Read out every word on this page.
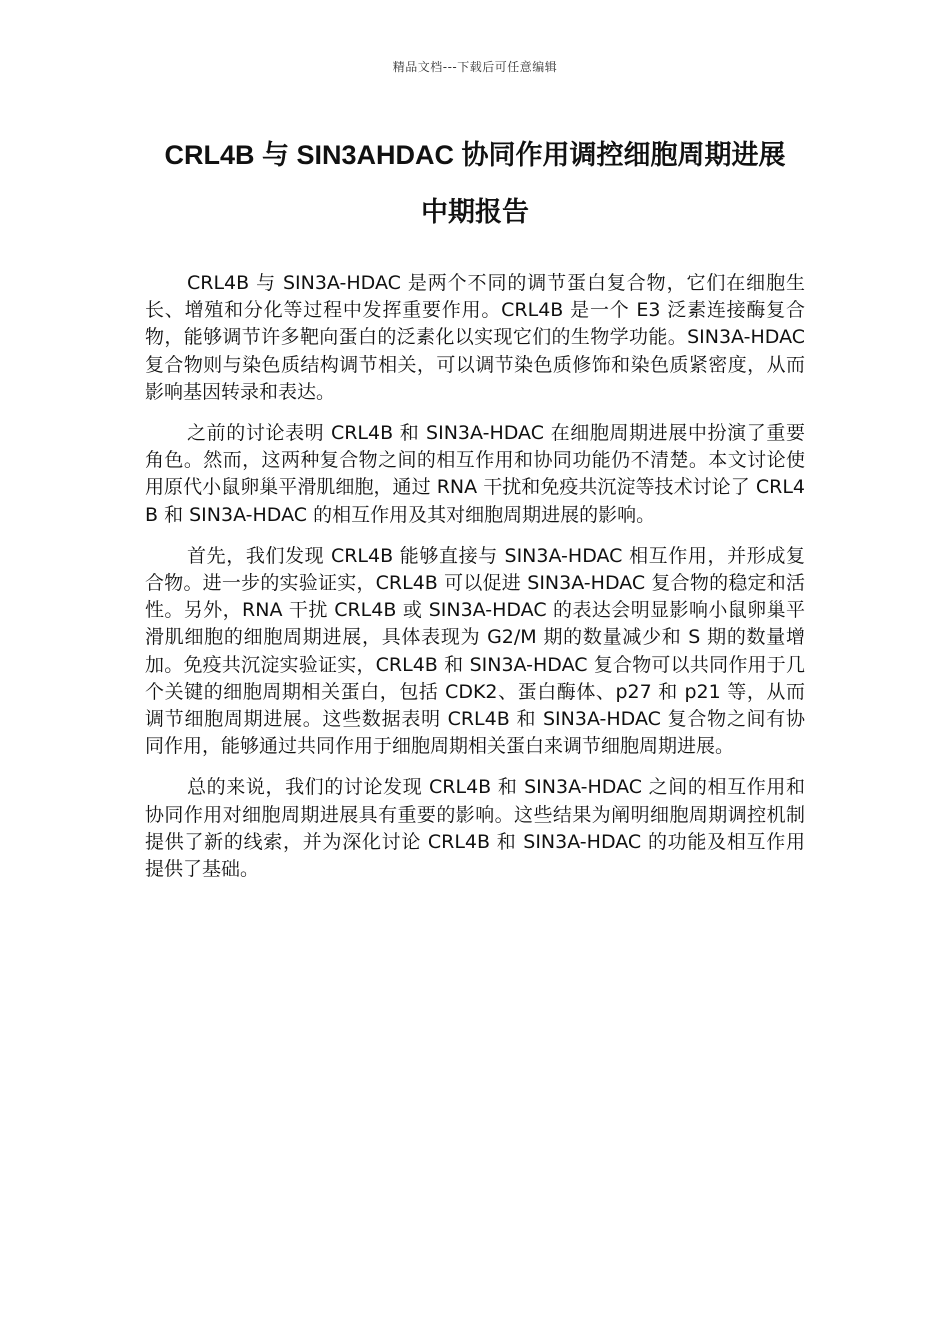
精品文档---下载后可任意编辑
CRL4B 与 SIN3AHDAC 协同作用调控细胞周期进展
中期报告

CRL4B 与 SIN3A-HDAC 是两个不同的调节蛋白复合物，它们在细胞生长、增殖和分化等过程中发挥重要作用。CRL4B 是一个 E3 泛素连接酶复合物，能够调节许多靶向蛋白的泛素化以实现它们的生物学功能。SIN3A-HDAC 复合物则与染色质结构调节相关，可以调节染色质修饰和染色质紧密度，从而影响基因转录和表达。

之前的讨论表明 CRL4B 和 SIN3A-HDAC 在细胞周期进展中扮演了重要角色。然而，这两种复合物之间的相互作用和协同功能仍不清楚。本文讨论使用原代小鼠卵巢平滑肌细胞，通过 RNA 干扰和免疫共沉淀等技术讨论了 CRL4B 和 SIN3A-HDAC 的相互作用及其对细胞周期进展的影响。

首先，我们发现 CRL4B 能够直接与 SIN3A-HDAC 相互作用，并形成复合物。进一步的实验证实，CRL4B 可以促进 SIN3A-HDAC 复合物的稳定和活性。另外，RNA 干扰 CRL4B 或 SIN3A-HDAC 的表达会明显影响小鼠卵巢平滑肌细胞的细胞周期进展，具体表现为 G2/M 期的数量减少和 S 期的数量增加。免疫共沉淀实验证实，CRL4B 和 SIN3A-HDAC 复合物可以共同作用于几个关键的细胞周期相关蛋白，包括 CDK2、蛋白酶体、p27 和 p21 等，从而调节细胞周期进展。这些数据表明 CRL4B 和 SIN3A-HDAC 复合物之间有协同作用，能够通过共同作用于细胞周期相关蛋白来调节细胞周期进展。

总的来说，我们的讨论发现 CRL4B 和 SIN3A-HDAC 之间的相互作用和协同作用对细胞周期进展具有重要的影响。这些结果为阐明细胞周期调控机制提供了新的线索，并为深化讨论 CRL4B 和 SIN3A-HDAC 的功能及相互作用提供了基础。
